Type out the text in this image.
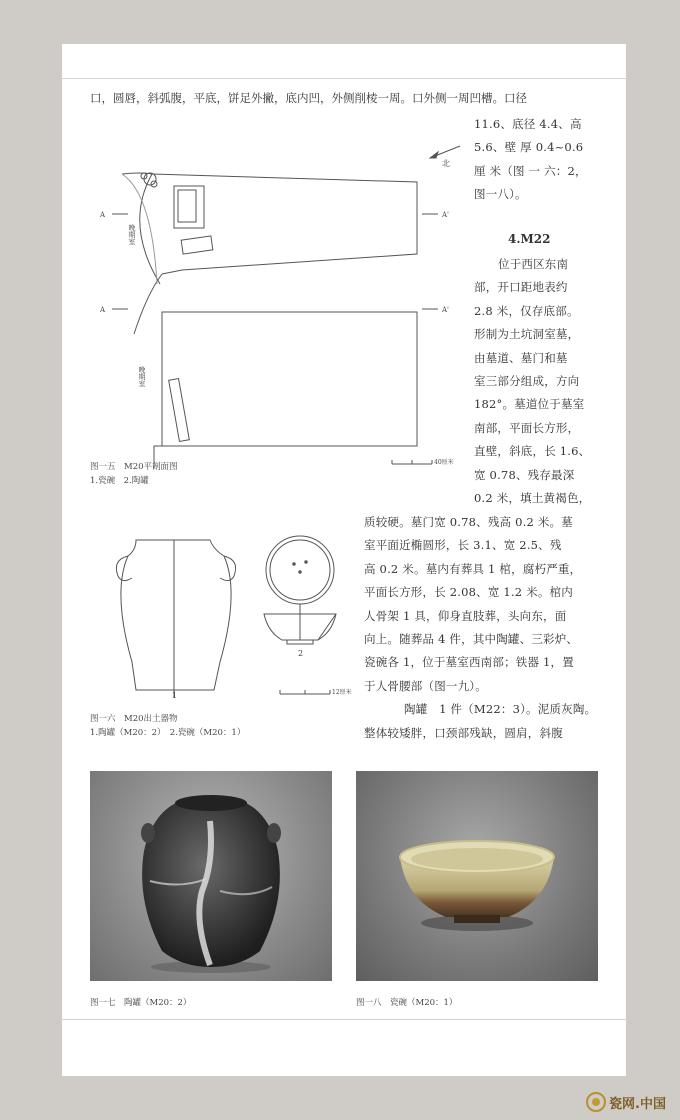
口，圆唇，斜弧腹，平底，饼足外撇，底内凹，外侧削棱一周。口外侧一周凹槽。口径
11.6、底径 4.4、高
5.6、壁 厚 0.4~0.6
厘 米（图 一 六：2，
图一八）。
4.M22
位于西区东南
部，开口距地表约
2.8 米，仅存底部。
形制为土坑洞室墓，
由墓道、墓门和墓
室三部分组成，方向
182°。墓道位于墓室
南部，平面长方形，
直壁，斜底，长 1.6、
宽 0.78、残存最深
0.2 米，填土黄褐色，
质较硬。墓门宽 0.78、残高 0.2 米。墓
室平面近椭圆形，长 3.1、宽 2.5、残
高 0.2 米。墓内有葬具 1 棺，腐朽严重，
平面长方形，长 2.08、宽 1.2 米。棺内
人骨架 1 具，仰身直肢葬，头向东，面
向上。随葬品 4 件，其中陶罐、三彩炉、
瓷碗各 1，位于墓室西南部；铁器 1，置
于人骨腰部（图一九）。
陶罐　1 件（M22：3）。泥质灰陶。
整体较矮胖，口颈部残缺，圆肩，斜腹
北
A	A'
A	A'
晚期室
晚期室
40厘米
图一五　M20平剖面图
1.瓷碗　2.陶罐
1
2
12厘米
图一六　M20出土器物
1.陶罐（M20：2）　2.瓷碗（M20：1）
图一七　陶罐（M20：2）	图一八　瓷碗（M20：1）
瓷网.中国
